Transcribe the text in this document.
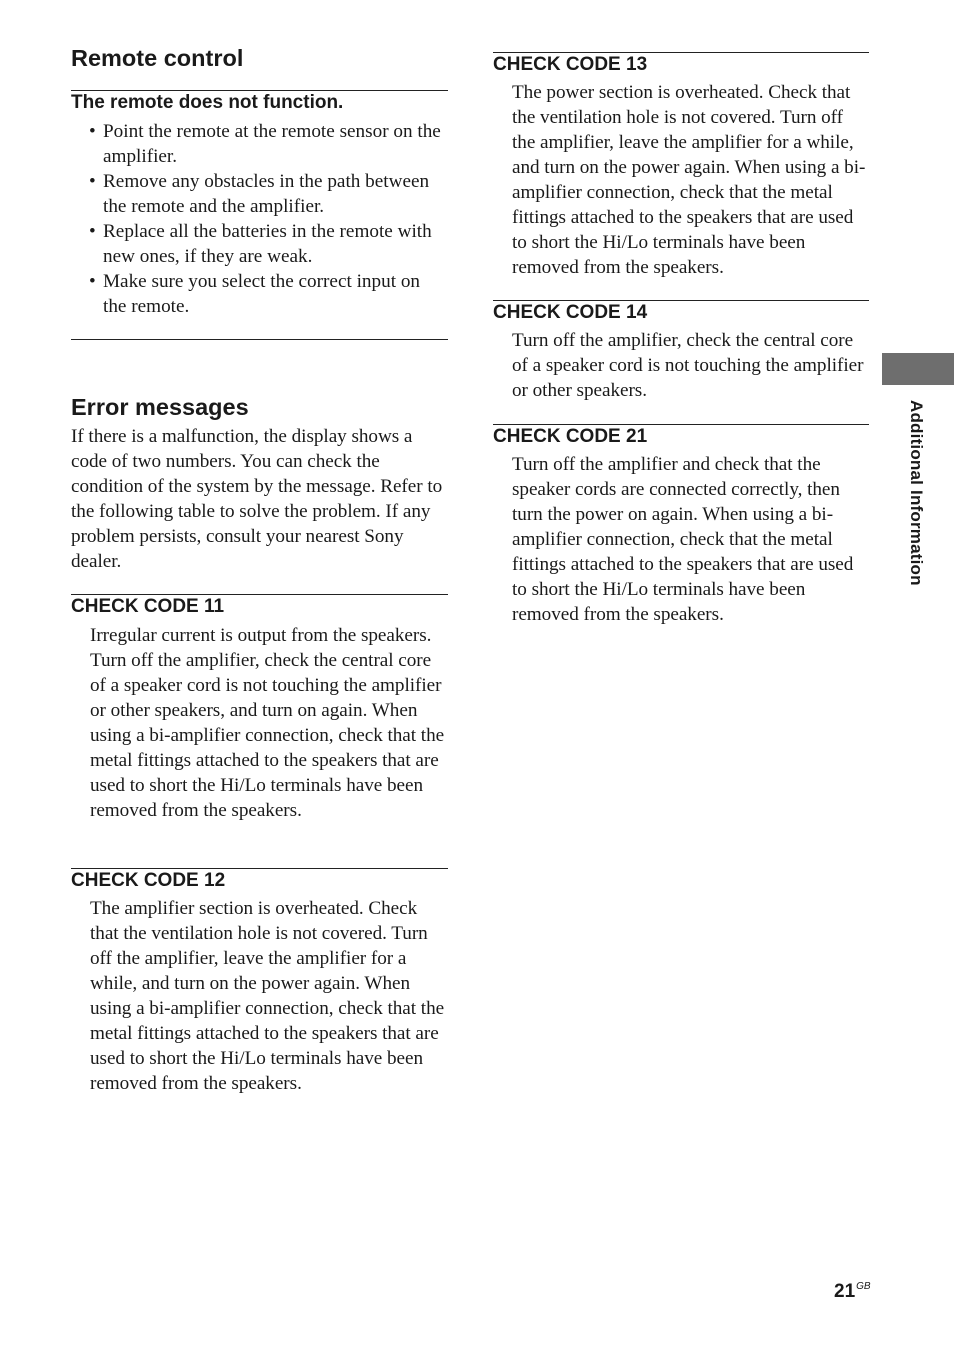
Remote control
The remote does not function.
• Point the remote at the remote sensor on the amplifier.
• Remove any obstacles in the path between the remote and the amplifier.
• Replace all the batteries in the remote with new ones, if they are weak.
• Make sure you select the correct input on the remote.
Error messages

If there is a malfunction, the display shows a code of two numbers. You can check the condition of the system by the message. Refer to the following table to solve the problem. If any problem persists, consult your nearest Sony dealer.

CHECK CODE 11

Irregular current is output from the speakers. Turn off the amplifier, check the central core of a speaker cord is not touching the amplifier or other speakers, and turn on again. When using a bi-amplifier connection, check that the metal fittings attached to the speakers that are used to short the Hi/Lo terminals have been removed from the speakers.

CHECK CODE 12

The amplifier section is overheated. Check that the ventilation hole is not covered. Turn off the amplifier, leave the amplifier for a while, and turn on the power again. When using a bi-amplifier connection, check that the metal fittings attached to the speakers that are used to short the Hi/Lo terminals have been removed from the speakers.

CHECK CODE 13

The power section is overheated. Check that the ventilation hole is not covered. Turn off the amplifier, leave the amplifier for a while, and turn on the power again. When using a bi-amplifier connection, check that the metal fittings attached to the speakers that are used to short the Hi/Lo terminals have been removed from the speakers.

CHECK CODE 14

Turn off the amplifier, check the central core of a speaker cord is not touching the amplifier or other speakers.

CHECK CODE 21

Turn off the amplifier and check that the speaker cords are connected correctly, then turn the power on again. When using a bi-amplifier connection, check that the metal fittings attached to the speakers that are used to short the Hi/Lo terminals have been removed from the speakers.

Additional Information
$21^{GB}$
